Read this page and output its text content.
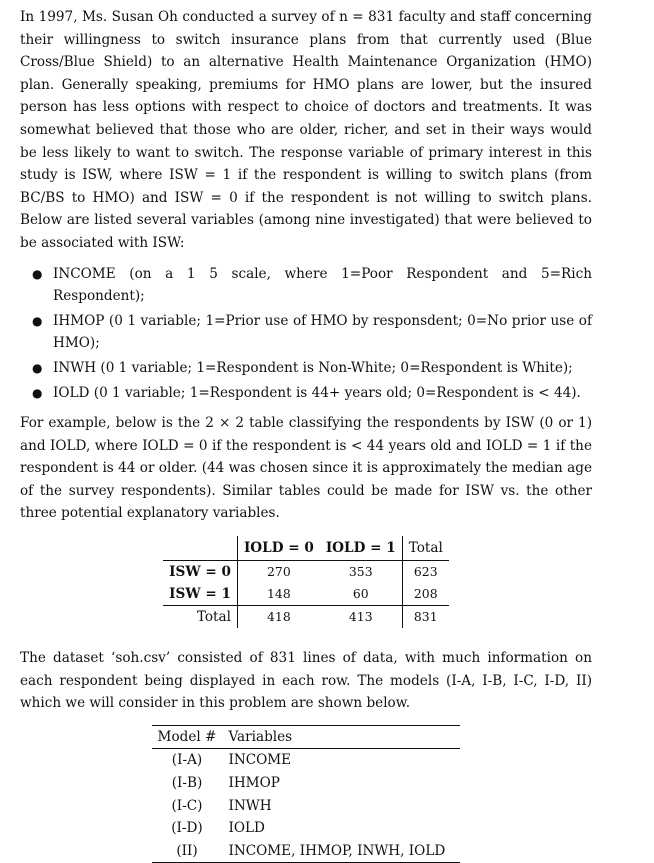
In 1997, Ms. Susan Oh conducted a survey of n = 831 faculty and staff concerning their willingness to switch insurance plans from that currently used (Blue Cross/Blue Shield) to an alternative Health Maintenance Organization (HMO) plan. Generally speaking, premiums for HMO plans are lower, but the insured person has less options with respect to choice of doctors and treatments. It was somewhat believed that those who are older, richer, and set in their ways would be less likely to want to switch. The response variable of primary interest in this study is ISW, where ISW = 1 if the respondent is willing to switch plans (from BC/BS to HMO) and ISW = 0 if the respondent is not willing to switch plans. Below are listed several variables (among nine investigated) that were believed to be associated with ISW:

● INCOME (on a 1 5 scale, where 1=Poor Respondent and 5=Rich Respondent);
● IHMOP (0 1 variable; 1=Prior use of HMO by responsdent; 0=No prior use of HMO);
● INWH (0 1 variable; 1=Respondent is Non-White; 0=Respondent is White);
● IOLD (0 1 variable; 1=Respondent is 44+ years old; 0=Respondent is < 44).

For example, below is the 2 × 2 table classifying the respondents by ISW (0 or 1) and IOLD, where IOLD = 0 if the respondent is < 44 years old and IOLD = 1 if the respondent is 44 or older. (44 was chosen since it is approximately the median age of the survey respondents). Similar tables could be made for ISW vs. the other three potential explanatory variables.

	IOLD = 0	IOLD = 1	Total
ISW = 0	270	353	623
ISW = 1	148	60	208
Total	418	413	831

The dataset ‘soh.csv’ consisted of 831 lines of data, with much information on each respondent being displayed in each row. The models (I-A, I-B, I-C, I-D, II) which we will consider in this problem are shown below.

Model #	Variables
(I-A)	INCOME
(I-B)	IHMOP
(I-C)	INWH
(I-D)	IOLD
(II)	INCOME, IHMOP, INWH, IOLD
